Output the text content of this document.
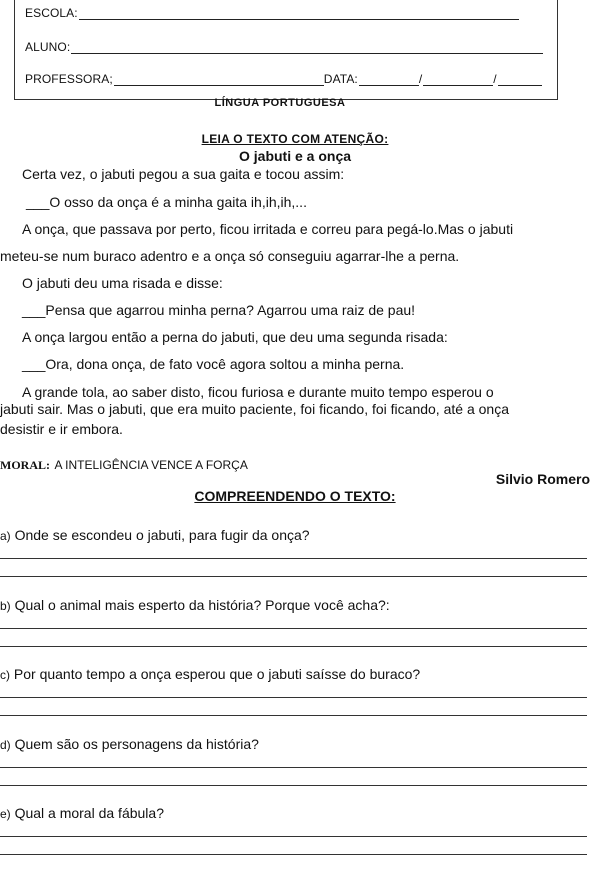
ESCOLA:
ALUNO:
PROFESSORA;	DATA:	/	/
LÍNGUA PORTUGUESA
LEIA O TEXTO COM ATENÇÃO:
O jabuti e a onça
Certa vez, o jabuti pegou a sua gaita e tocou assim:
___O osso da onça é a minha gaita ih,ih,ih,...
A onça, que passava por perto, ficou irritada e correu para pegá-lo.Mas o jabuti
meteu-se num buraco adentro e a onça só conseguiu agarrar-lhe a perna.
O jabuti deu uma risada e disse:
___Pensa que agarrou minha perna? Agarrou uma raiz de pau!
A onça largou então a perna do jabuti, que deu uma segunda risada:
___Ora, dona onça, de fato você agora soltou a minha perna.
A grande tola, ao saber disto, ficou furiosa e durante muito tempo esperou o
jabuti sair. Mas o jabuti, que era muito paciente, foi ficando, foi ficando, até a onça
desistir e ir embora.
MORAL: A INTELIGÊNCIA VENCE A FORÇA
Silvio Romero
COMPREENDENDO O TEXTO:
a) Onde se escondeu o jabuti, para fugir da onça?
b) Qual o animal mais esperto da história? Porque você acha?:
c) Por quanto tempo a onça esperou que o jabuti saísse do buraco?
d) Quem são os personagens da história?
e) Qual a moral da fábula?
